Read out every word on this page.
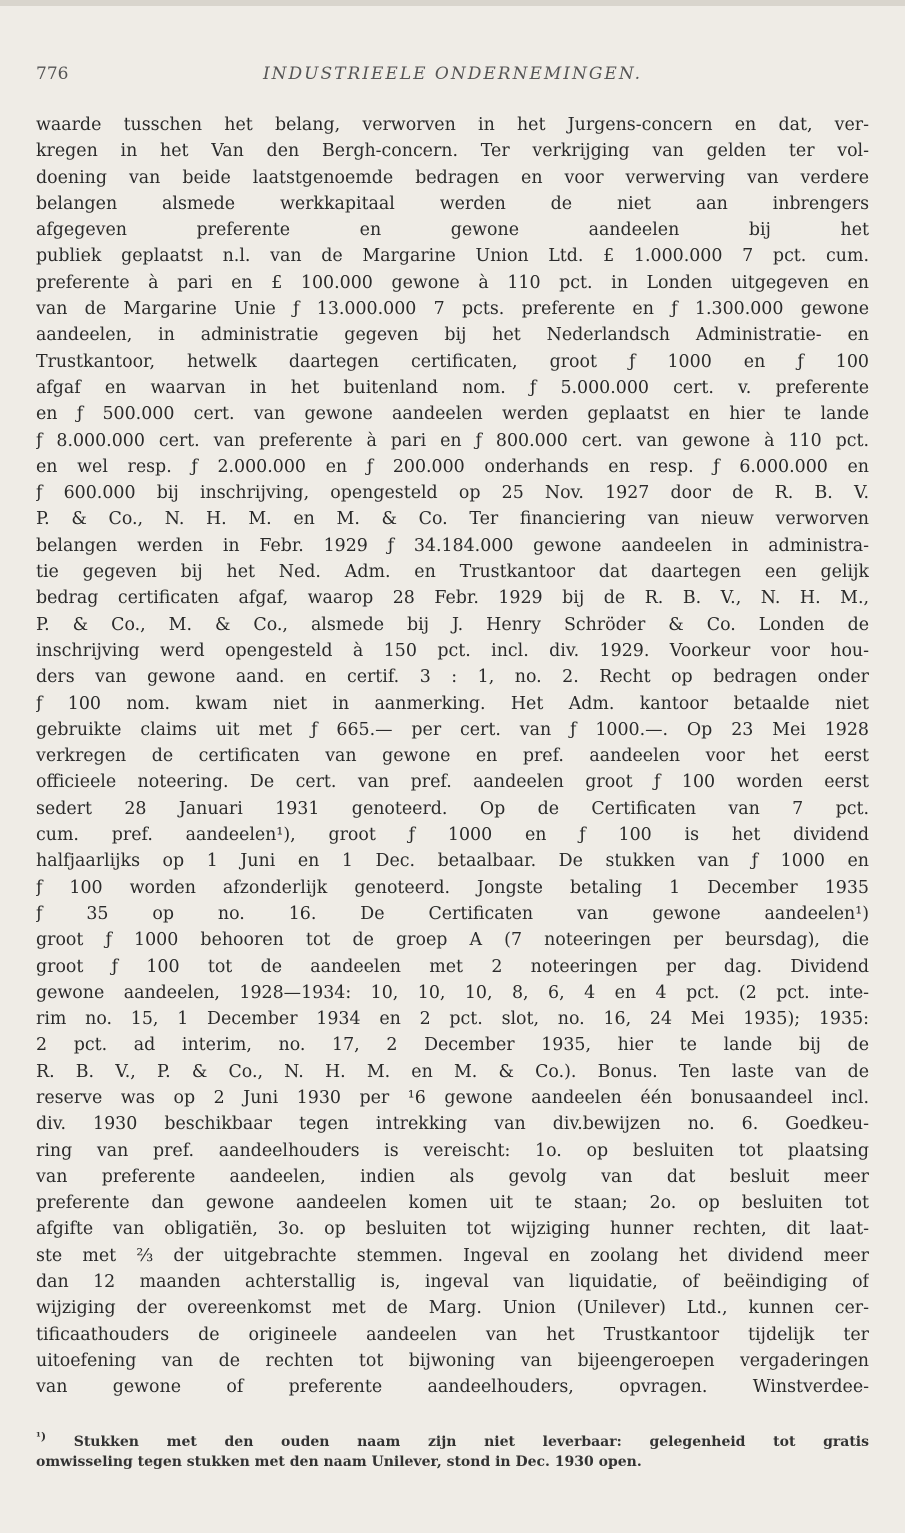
776	INDUSTRIEELE ONDERNEMINGEN.
waarde tusschen het belang, verworven in het Jurgens-concern en dat, ver-
kregen in het Van den Bergh-concern. Ter verkrijging van gelden ter vol-
doening van beide laatstgenoemde bedragen en voor verwerving van verdere
belangen alsmede werkkapitaal werden de niet aan inbrengers
afgegeven preferente en gewone aandeelen bij het
publiek geplaatst n.l. van de Margarine Union Ltd. £ 1.000.000 7 pct. cum.
preferente à pari en £ 100.000 gewone à 110 pct. in Londen uitgegeven en
van de Margarine Unie ƒ 13.000.000 7 pcts. preferente en ƒ 1.300.000 gewone
aandeelen, in administratie gegeven bij het Nederlandsch Administratie- en
Trustkantoor, hetwelk daartegen certificaten, groot ƒ 1000 en ƒ 100
afgaf en waarvan in het buitenland nom. ƒ 5.000.000 cert. v. preferente
en ƒ 500.000 cert. van gewone aandeelen werden geplaatst en hier te lande
ƒ 8.000.000 cert. van preferente à pari en ƒ 800.000 cert. van gewone à 110 pct.
en wel resp. ƒ 2.000.000 en ƒ 200.000 onderhands en resp. ƒ 6.000.000 en
ƒ 600.000 bij inschrijving, opengesteld op 25 Nov. 1927 door de R. B. V.
P. & Co., N. H. M. en M. & Co. Ter financiering van nieuw verworven
belangen werden in Febr. 1929 ƒ 34.184.000 gewone aandeelen in administra-
tie gegeven bij het Ned. Adm. en Trustkantoor dat daartegen een gelijk
bedrag certificaten afgaf, waarop 28 Febr. 1929 bij de R. B. V., N. H. M.,
P. & Co., M. & Co., alsmede bij J. Henry Schröder & Co. Londen de
inschrijving werd opengesteld à 150 pct. incl. div. 1929. Voorkeur voor hou-
ders van gewone aand. en certif. 3 : 1, no. 2. Recht op bedragen onder
ƒ 100 nom. kwam niet in aanmerking. Het Adm. kantoor betaalde niet
gebruikte claims uit met ƒ 665.— per cert. van ƒ 1000.—. Op 23 Mei 1928
verkregen de certificaten van gewone en pref. aandeelen voor het eerst
officieele noteering. De cert. van pref. aandeelen groot ƒ 100 worden eerst
sedert 28 Januari 1931 genoteerd. Op de Certificaten van 7 pct.
cum. pref. aandeelen¹), groot ƒ 1000 en ƒ 100 is het dividend
halfjaarlijks op 1 Juni en 1 Dec. betaalbaar. De stukken van ƒ 1000 en
ƒ 100 worden afzonderlijk genoteerd. Jongste betaling 1 December 1935
ƒ 35 op no. 16. De Certificaten van gewone aandeelen¹)
groot ƒ 1000 behooren tot de groep A (7 noteeringen per beursdag), die
groot ƒ 100 tot de aandeelen met 2 noteeringen per dag. Dividend
gewone aandeelen, 1928—1934: 10, 10, 10, 8, 6, 4 en 4 pct. (2 pct. inte-
rim no. 15, 1 December 1934 en 2 pct. slot, no. 16, 24 Mei 1935); 1935:
2 pct. ad interim, no. 17, 2 December 1935, hier te lande bij de
R. B. V., P. & Co., N. H. M. en M. & Co.). Bonus. Ten laste van de
reserve was op 2 Juni 1930 per ¹6 gewone aandeelen één bonusaandeel incl.
div. 1930 beschikbaar tegen intrekking van div.bewijzen no. 6. Goedkeu-
ring van pref. aandeelhouders is vereischt: 1o. op besluiten tot plaatsing
van preferente aandeelen, indien als gevolg van dat besluit meer
preferente dan gewone aandeelen komen uit te staan; 2o. op besluiten tot
afgifte van obligatiën, 3o. op besluiten tot wijziging hunner rechten, dit laat-
ste met ⅔ der uitgebrachte stemmen. Ingeval en zoolang het dividend meer
dan 12 maanden achterstallig is, ingeval van liquidatie, of beëindiging of
wijziging der overeenkomst met de Marg. Union (Unilever) Ltd., kunnen cer-
tificaathouders de origineele aandeelen van het Trustkantoor tijdelijk ter
uitoefening van de rechten tot bijwoning van bijeengeroepen vergaderingen
van gewone of preferente aandeelhouders, opvragen. Winstverdee-
$^{^1)}$ Stukken met den ouden naam zijn niet leverbaar: gelegenheid tot gratis
omwisseling tegen stukken met den naam Unilever, stond in Dec. 1930 open.
